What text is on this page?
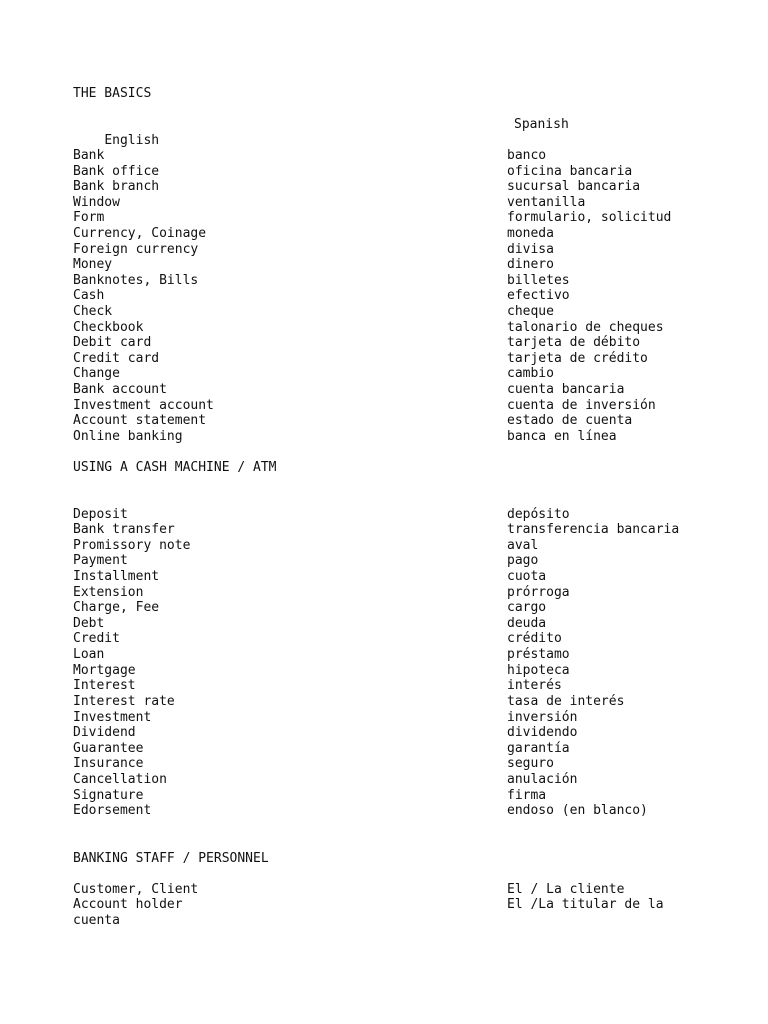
THE BASICS

English

Spanish

Bank	banco
Bank office	oficina bancaria
Bank branch	sucursal bancaria
Window	ventanilla
Form	formulario, solicitud
Currency, Coinage	moneda
Foreign currency	divisa
Money	dinero
Banknotes, Bills	billetes
Cash	efectivo
Check	cheque
Checkbook	talonario de cheques
Debit card	tarjeta de débito
Credit card	tarjeta de crédito
Change	cambio
Bank account	cuenta bancaria
Investment account	cuenta de inversión
Account statement	estado de cuenta
Online banking	banca en línea
USING A CASH MACHINE / ATM
Deposit	depósito
Bank transfer	transferencia bancaria
Promissory note	aval
Payment	pago
Installment	cuota
Extension	prórroga
Charge, Fee	cargo
Debt	deuda
Credit	crédito
Loan	préstamo
Mortgage	hipoteca
Interest	interés
Interest rate	tasa de interés
Investment	inversión
Dividend	dividendo
Guarantee	garantía
Insurance	seguro
Cancellation	anulación
Signature	firma
Edorsement	endoso (en blanco)
BANKING STAFF / PERSONNEL
Customer, Client	El / La cliente
Account holder	El /La titular de la
cuenta
